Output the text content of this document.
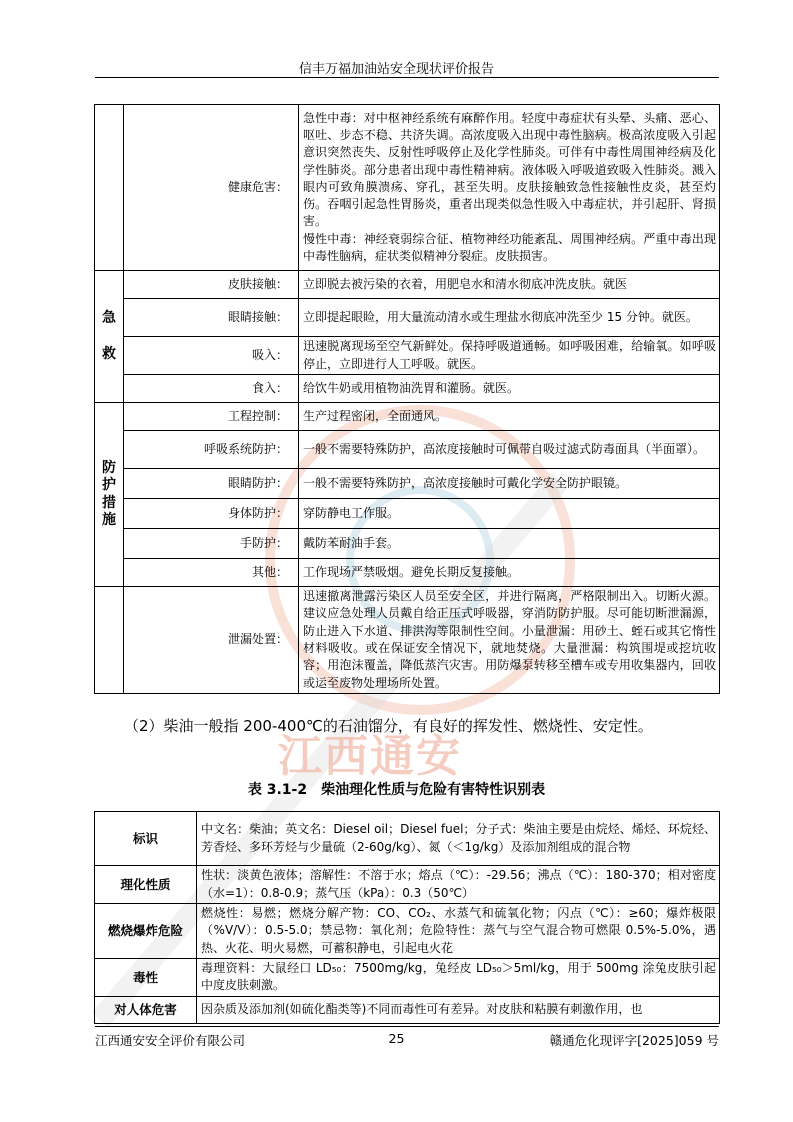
信丰万福加油站安全现状评价报告
江西通安
	健康危害：	急性中毒：对中枢神经系统有麻醉作用。轻度中毒症状有头晕、头痛、恶心、呕吐、步态不稳、共济失调。高浓度吸入出现中毒性脑病。极高浓度吸入引起意识突然丧失、反射性呼吸停止及化学性肺炎。可伴有中毒性周围神经病及化学性肺炎。部分患者出现中毒性精神病。液体吸入呼吸道致吸入性肺炎。溅入眼内可致角膜溃疡、穿孔，甚至失明。皮肤接触致急性接触性皮炎，甚至灼伤。吞咽引起急性胃肠炎，重者出现类似急性吸入中毒症状，并引起肝、肾损害。
慢性中毒：神经衰弱综合征、植物神经功能紊乱、周围神经病。严重中毒出现中毒性脑病，症状类似精神分裂症。皮肤损害。

急
救	皮肤接触：	立即脱去被污染的衣着，用肥皂水和清水彻底冲洗皮肤。就医
	眼睛接触：	立即提起眼睑，用大量流动清水或生理盐水彻底冲洗至少 15 分钟。就医。
	吸入：	迅速脱离现场至空气新鲜处。保持呼吸道通畅。如呼吸困难，给输氧。如呼吸停止，立即进行人工呼吸。就医。
	食入：	给饮牛奶或用植物油洗胃和灌肠。就医。

防
护
措
施	工程控制：	生产过程密闭，全面通风。
	呼吸系统防护：	一般不需要特殊防护，高浓度接触时可佩带自吸过滤式防毒面具（半面罩）。
	眼睛防护：	一般不需要特殊防护，高浓度接触时可戴化学安全防护眼镜。
	身体防护：	穿防静电工作服。
	手防护：	戴防苯耐油手套。
	其他：	工作现场严禁吸烟。避免长期反复接触。
	泄漏处置：	迅速撤离泄露污染区人员至安全区，并进行隔离，严格限制出入。切断火源。建议应急处理人员戴自给正压式呼吸器，穿消防防护服。尽可能切断泄漏源，防止进入下水道、排洪沟等限制性空间。小量泄漏：用砂土、蛭石或其它惰性材料吸收。或在保证安全情况下，就地焚烧。大量泄漏：构筑围堤或挖坑收容；用泡沫覆盖，降低蒸汽灾害。用防爆泵转移至槽车或专用收集器内，回收或运至废物处理场所处置。

（2）柴油一般指 200-400℃的石油馏分，有良好的挥发性、燃烧性、安定性。

表 3.1-2　柴油理化性质与危险有害特性识别表
标识	中文名：柴油；英文名：Diesel oil；Diesel fuel；分子式：柴油主要是由烷烃、烯烃、环烷烃、芳香烃、多环芳烃与少量硫（2-60g/kg）、氮（＜1g/kg）及添加剂组成的混合物
理化性质	性状：淡黄色液体；溶解性：不溶于水；熔点（℃）：-29.56；沸点（℃）：180-370；相对密度（水=1）：0.8-0.9；蒸气压（kPa）：0.3（50℃）
燃烧爆炸危险	燃烧性：易燃；燃烧分解产物：CO、CO₂、水蒸气和硫氧化物；闪点（℃）：≥60；爆炸极限（%V/V）：0.5-5.0；禁忌物：氧化剂；危险特性：蒸气与空气混合物可燃限 0.5%-5.0%，遇热、火花、明火易燃，可蓄积静电，引起电火花
毒性	毒理资料：大鼠经口 LD₅₀：7500mg/kg，兔经皮 LD₅₀＞5ml/kg，用于 500mg 涂兔皮肤引起中度皮肤刺激。
对人体危害	因杂质及添加剂(如硫化酯类等)不同而毒性可有差异。对皮肤和粘膜有刺激作用，也
江西通安安全评价有限公司	25	赣通危化现评字[2025]059 号
